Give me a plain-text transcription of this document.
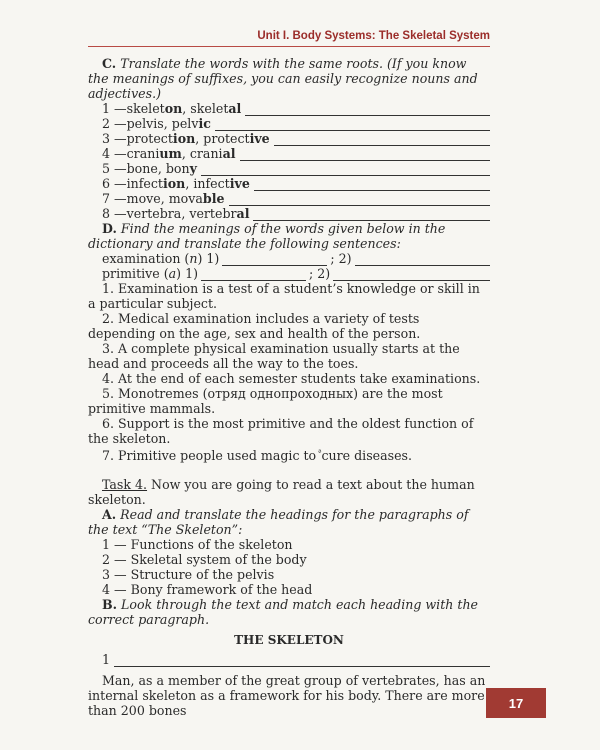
Unit I. Body Systems: The Skeletal System

C. Translate the words with the same roots. (If you know the meanings of suffixes, you can easily recognize nouns and adjectives.)

1 — skelet on , skelet al
2 — pelvis , pelv ic
3 — protect ion , protect ive
4 — crani um , crani al
5 — bone , bon y
6 — infect ion , infect ive
7 — move , mova ble
8 — vertebra , vertebr al

D. Find the meanings of the words given below in the dictionary and translate the following sentences:

examination ( n ) 1)	; 2)
primitive ( a ) 1)	; 2)

1. Examination is a test of a student’s knowledge or skill in a particular subject.

2. Medical examination includes a variety of tests depending on the age, sex and health of the person.

3. A complete physical examination usually starts at the head and proceeds all the way to the toes.

4. At the end of each semester students take examinations.

5. Monotremes (отряд однопроходных) are the most primitive mammals.

6. Support is the most primitive and the oldest function of the skeleton.

7. Primitive people used magic to $^ª$cure diseases.

Task 4. Now you are going to read a text about the human skeleton.

A. Read and translate the headings for the paragraphs of the text “The Skeleton”:

1 — Functions of the skeleton

2 — Skeletal system of the body

3 — Structure of the pelvis

4 — Bony framework of the head

B. Look through the text and match each heading with the correct paragraph.

THE SKELETON
1

Man, as a member of the great group of vertebrates, has an internal skeleton as a framework for his body. There are more than 200 bones

17
